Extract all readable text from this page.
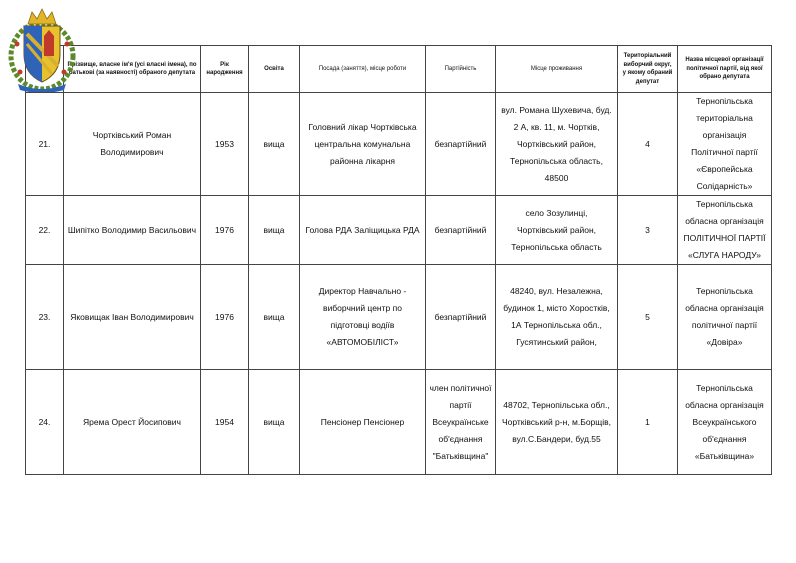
	Прізвище, власне ім'я (усі власні імена), по батькові (за наявності) обраного депутата	Рік народження	Освіта	Посада (заняття), місце роботи	Партійність	Місце проживання	Територіальний виборчий округ, у якому обраний депутат	Назва місцевої організації політичної партії, від якої обрано депутата
21.	Чортківський Роман Володимирович	1953	вища	Головний лікар Чортківська центральна комунальна районна лікарня	безпартійний	вул. Романа Шухевича, буд. 2 А, кв. 11, м. Чортків, Чортківський район, Тернопільська область, 48500	4	Тернопільська територіальна організація Політичної партії «Європейська Солідарність»
22.	Шипітко Володимир Васильович	1976	вища	Голова РДА Заліщицька РДА	безпартійний	село Зозулинці, Чортківський район, Тернопільська область	3	Тернопільська обласна організація ПОЛІТИЧНОЇ ПАРТІЇ «СЛУГА НАРОДУ»
23.	Яковищак Іван Володимирович	1976	вища	Директор Навчально - виборчний центр по підготовці водіїв «АВТОМОБІЛІСТ»	безпартійний	48240, вул. Незалежна, будинок 1, місто Хоростків, 1А Тернопільська обл., Гусятинський район,	5	Тернопільська обласна організація політичної партії «Довіра»
24.	Ярема Орест Йосипович	1954	вища	Пенсіонер Пенсіонер	член політичної партії Всеукраїнське об'єднання "Батьківщина"	48702, Тернопільська обл., Чортківський р-н, м.Борщів, вул.С.Бандери, буд.55	1	Тернопільська обласна організація Всеукраїнського об'єднання «Батьківщина»
